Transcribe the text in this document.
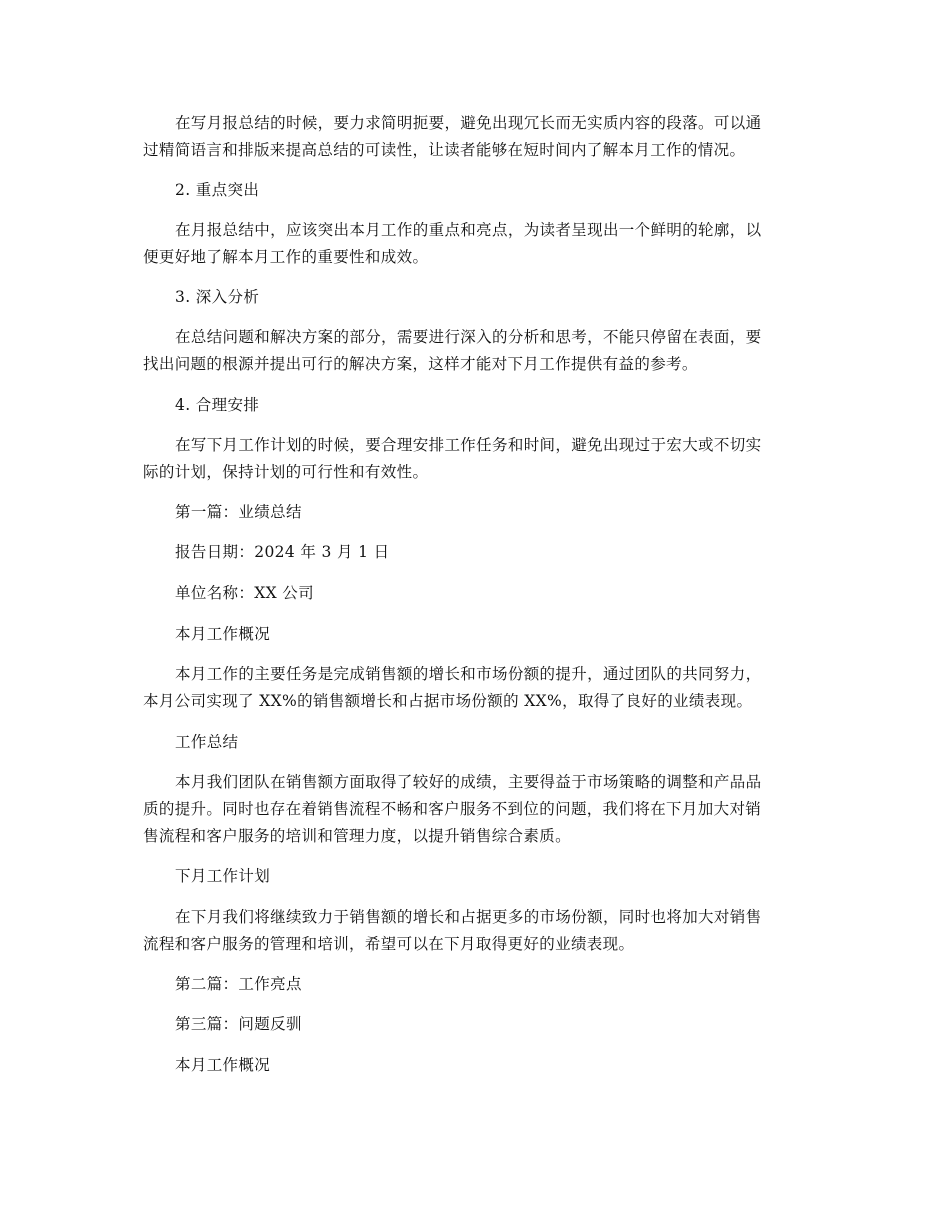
在写月报总结的时候，要力求简明扼要，避免出现冗长而无实质内容的段落。可以通
过精简语言和排版来提高总结的可读性，让读者能够在短时间内了解本月工作的情况。
2. 重点突出
在月报总结中，应该突出本月工作的重点和亮点，为读者呈现出一个鲜明的轮廓，以
便更好地了解本月工作的重要性和成效。
3. 深入分析
在总结问题和解决方案的部分，需要进行深入的分析和思考，不能只停留在表面，要
找出问题的根源并提出可行的解决方案，这样才能对下月工作提供有益的参考。
4. 合理安排
在写下月工作计划的时候，要合理安排工作任务和时间，避免出现过于宏大或不切实
际的计划，保持计划的可行性和有效性。
第一篇：业绩总结
报告日期：2024 年 3 月 1 日
单位名称：XX 公司
本月工作概况
本月工作的主要任务是完成销售额的增长和市场份额的提升，通过团队的共同努力，
本月公司实现了 XX%的销售额增长和占据市场份额的 XX%，取得了良好的业绩表现。
工作总结
本月我们团队在销售额方面取得了较好的成绩，主要得益于市场策略的调整和产品品
质的提升。同时也存在着销售流程不畅和客户服务不到位的问题，我们将在下月加大对销
售流程和客户服务的培训和管理力度，以提升销售综合素质。
下月工作计划
在下月我们将继续致力于销售额的增长和占据更多的市场份额，同时也将加大对销售
流程和客户服务的管理和培训，希望可以在下月取得更好的业绩表现。
第二篇：工作亮点
第三篇：问题反驯
本月工作概况
